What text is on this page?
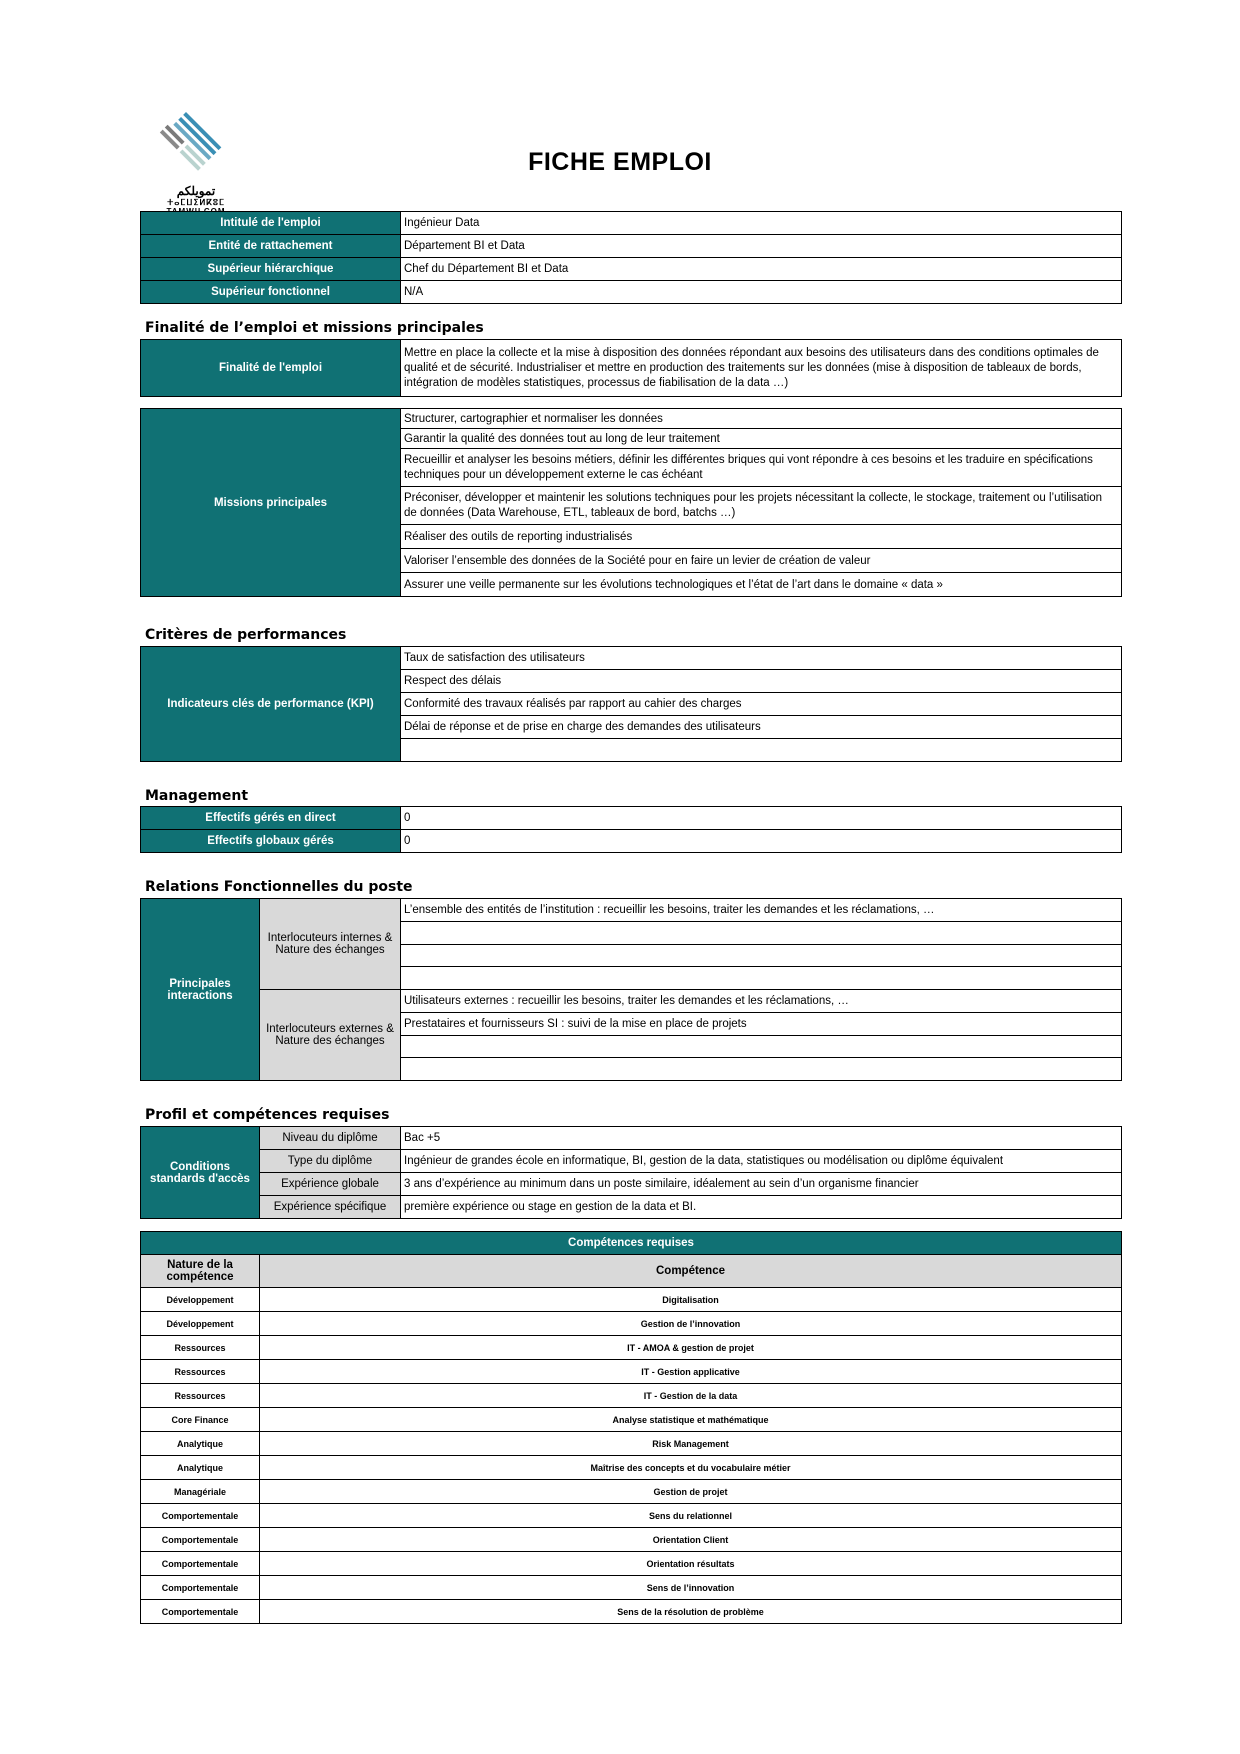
تمويلكم
ⵜⴰⵎⵡⵉⵍⴽⵓⵎ
FICHE EMPLOI
Intitulé de l'emploi	Ingénieur Data
Entité de rattachement	Département BI et Data
Supérieur hiérarchique	Chef du Département BI et Data
Supérieur fonctionnel	N/A
Finalité de l’emploi et missions principales
Finalité de l'emploi	Mettre en place la collecte et la mise à disposition des données répondant aux besoins des utilisateurs dans des conditions optimales de qualité et de sécurité. Industrialiser et mettre en production des traitements sur les données (mise à disposition de tableaux de bords, intégration de modèles statistiques, processus de fiabilisation de la data …)
Missions principales	Structurer, cartographier et normaliser les données
Garantir la qualité des données tout au long de leur traitement
Recueillir et analyser les besoins métiers, définir les différentes briques qui vont répondre à ces besoins et les traduire en spécifications techniques pour un développement externe le cas échéant
Préconiser, développer et maintenir les solutions techniques pour les projets nécessitant la collecte, le stockage, traitement ou l’utilisation de données (Data Warehouse, ETL, tableaux de bord, batchs …)
Réaliser des outils de reporting industrialisés
Valoriser l’ensemble des données de la Société pour en faire un levier de création de valeur
Assurer une veille permanente sur les évolutions technologiques et l’état de l’art dans le domaine « data »
Critères de performances
Indicateurs clés de performance (KPI)	Taux de satisfaction des utilisateurs
Respect des délais
Conformité des travaux réalisés par rapport au cahier des charges
Délai de réponse et de prise en charge des demandes des utilisateurs

Management
Effectifs gérés en direct	0
Effectifs globaux gérés	0
Relations Fonctionnelles du poste
Principales interactions	Interlocuteurs internes & Nature des échanges	L’ensemble des entités de l’institution : recueillir les besoins, traiter les demandes et les réclamations, …

	Interlocuteurs externes & Nature des échanges	Utilisateurs externes : recueillir les besoins, traiter les demandes et les réclamations, …
		Prestataires et fournisseurs SI : suivi de la mise en place de projets

Profil et compétences requises
Conditions standards d'accès	Niveau du diplôme	Bac +5
	Type du diplôme	Ingénieur de grandes école en informatique, BI, gestion de la data, statistiques ou modélisation ou diplôme équivalent
	Expérience globale	3 ans d’expérience au minimum dans un poste similaire, idéalement au sein d’un organisme financier
	Expérience spécifique	première expérience ou stage en gestion de la data et BI.
Compétences requises	
Nature de la compétence	Compétence
Développement	Digitalisation
Développement	Gestion de l’innovation
Ressources	IT - AMOA & gestion de projet
Ressources	IT - Gestion applicative
Ressources	IT - Gestion de la data
Core Finance	Analyse statistique et mathématique
Analytique	Risk Management
Analytique	Maîtrise des concepts et du vocabulaire métier
Managériale	Gestion de projet
Comportementale	Sens du relationnel
Comportementale	Orientation Client
Comportementale	Orientation résultats
Comportementale	Sens de l’innovation
Comportementale	Sens de la résolution de problème
